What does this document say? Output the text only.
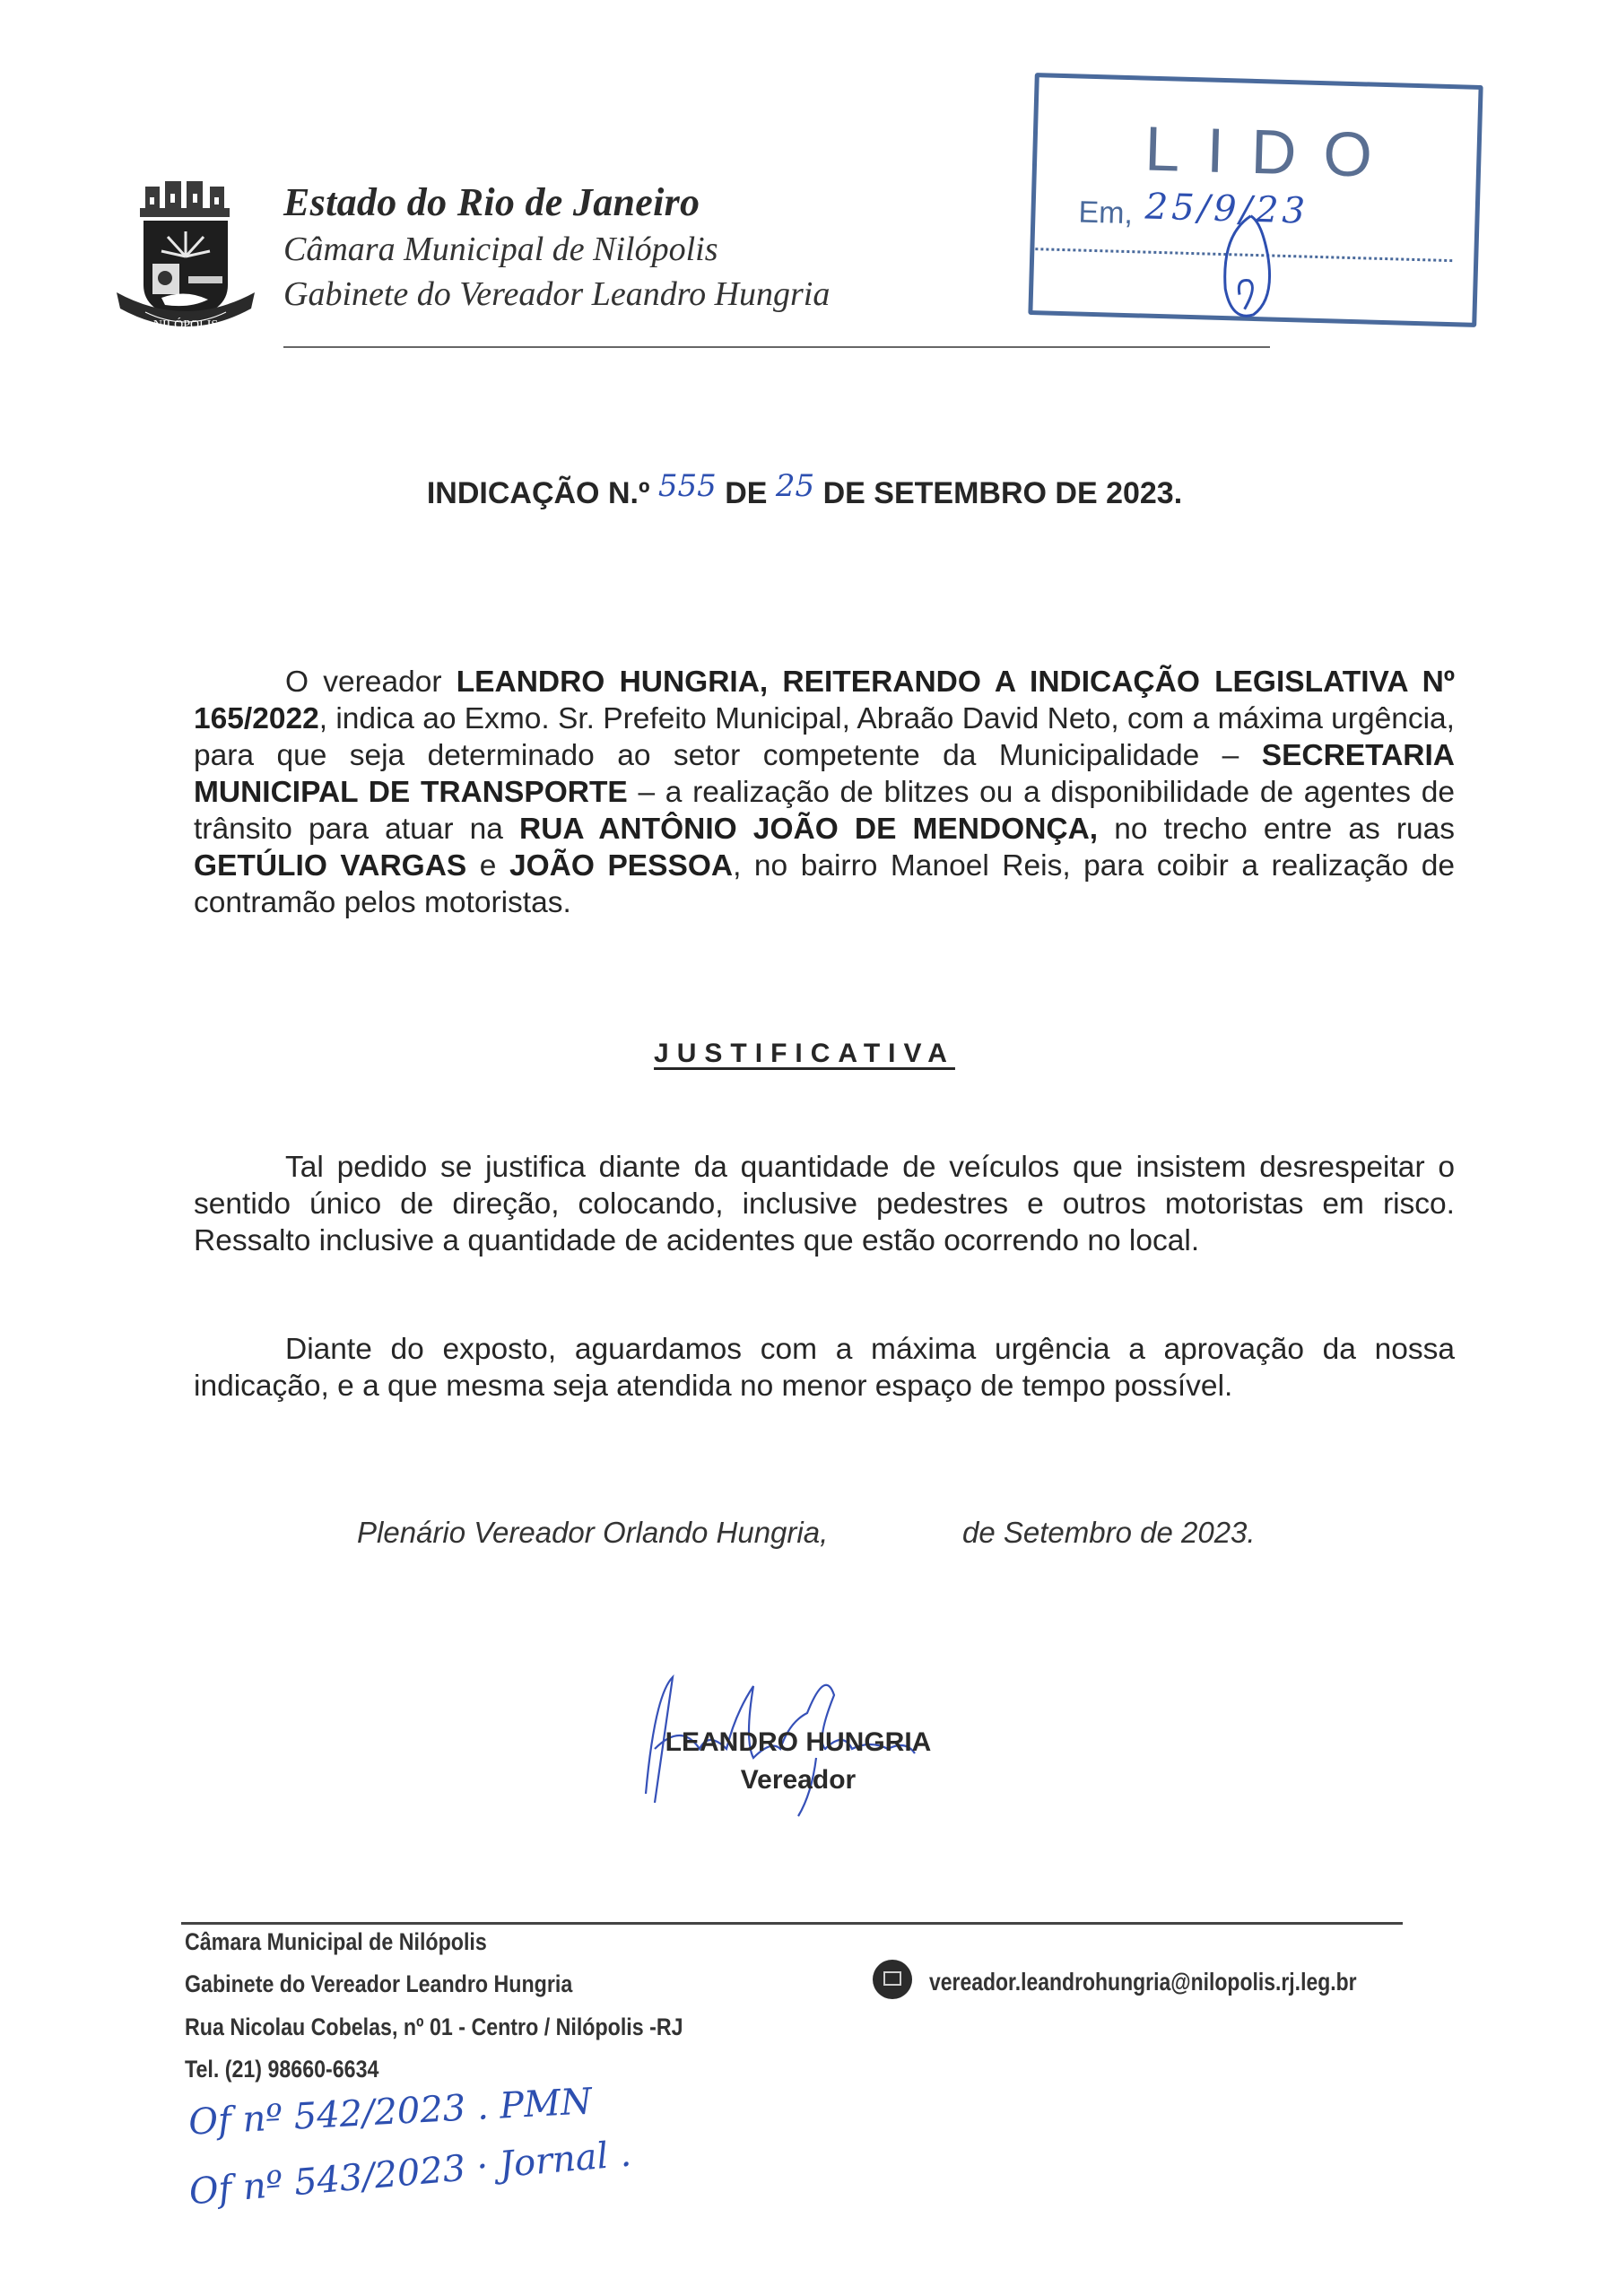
NILÓPOLIS
Estado do Rio de Janeiro
Câmara Municipal de Nilópolis
Gabinete do Vereador Leandro Hungria
LIDO
Em, 25/9/23
INDICAÇÃO N.º 555 DE 25 DE SETEMBRO DE 2023.
O vereador LEANDRO HUNGRIA, REITERANDO A INDICAÇÃO LEGISLATIVA Nº 165/2022, indica ao Exmo. Sr. Prefeito Municipal, Abraão David Neto, com a máxima urgência, para que seja determinado ao setor competente da Municipalidade – SECRETARIA MUNICIPAL DE TRANSPORTE – a realização de blitzes ou a disponibilidade de agentes de trânsito para atuar na RUA ANTÔNIO JOÃO DE MENDONÇA, no trecho entre as ruas GETÚLIO VARGAS e JOÃO PESSOA, no bairro Manoel Reis, para coibir a realização de contramão pelos motoristas.
JUSTIFICATIVA
Tal pedido se justifica diante da quantidade de veículos que insistem desrespeitar o sentido único de direção, colocando, inclusive pedestres e outros motoristas em risco. Ressalto inclusive a quantidade de acidentes que estão ocorrendo no local.
Diante do exposto, aguardamos com a máxima urgência a aprovação da nossa indicação, e a que mesma seja atendida no menor espaço de tempo possível.
Plenário Vereador Orlando Hungria,	de Setembro de 2023.
LEANDRO HUNGRIA
Vereador
Câmara Municipal de Nilópolis
Gabinete do Vereador Leandro Hungria
Rua Nicolau Cobelas, nº 01 - Centro / Nilópolis -RJ
Tel. (21) 98660-6634
vereador.leandrohungria@nilopolis.rj.leg.br
Of nº 542/2023 . PMN
Of nº 543/2023 · Jornal .
